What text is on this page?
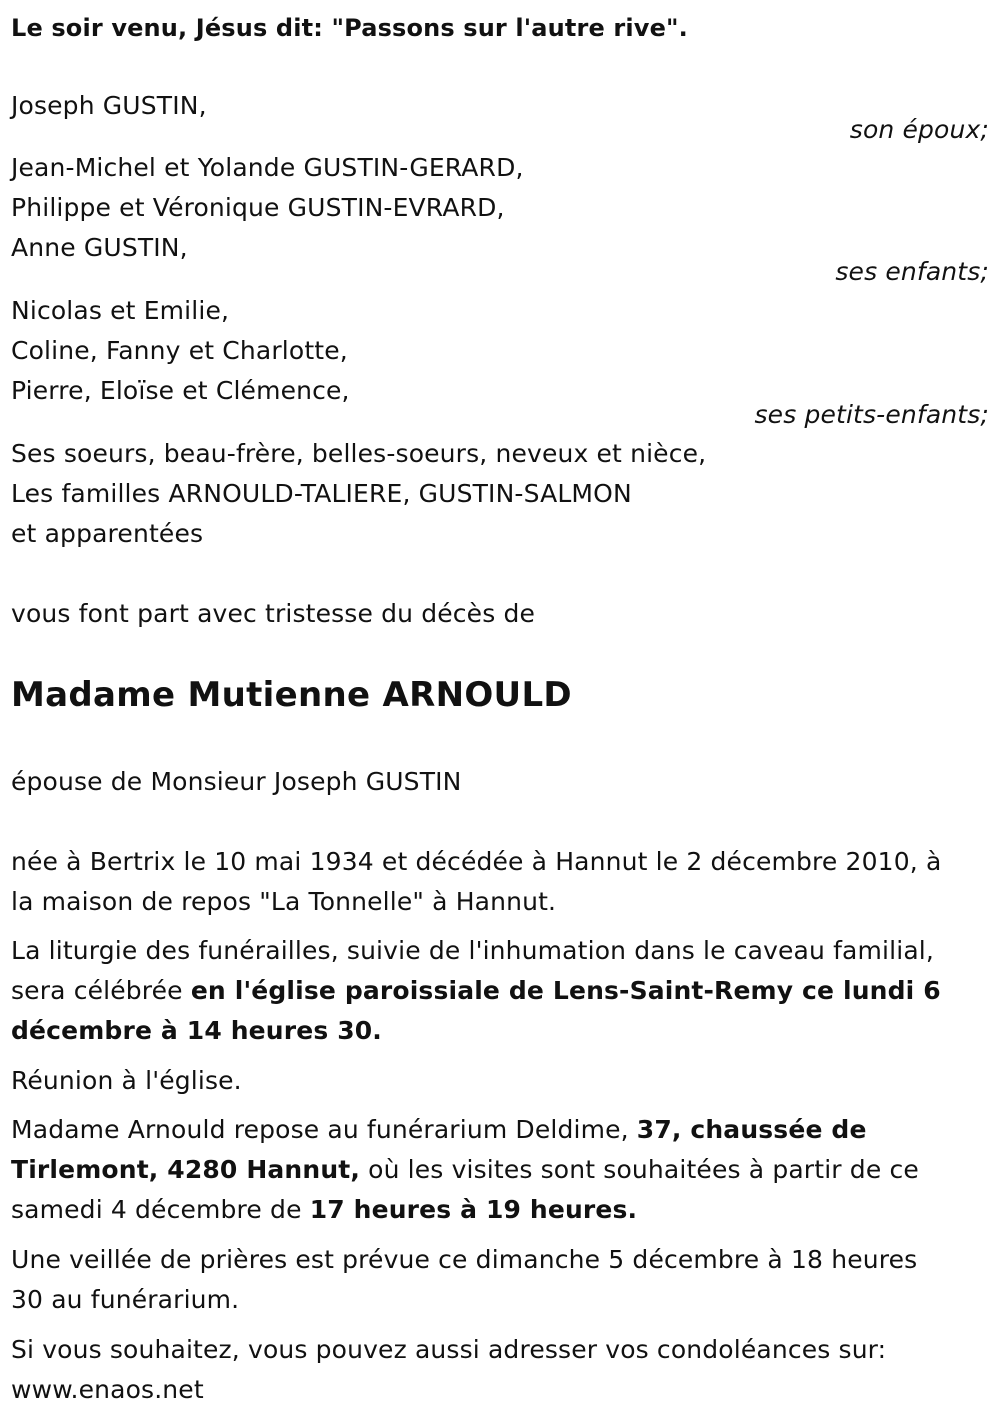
Le soir venu, Jésus dit: "Passons sur l'autre rive".
Joseph GUSTIN,
son époux;
Jean-Michel et Yolande GUSTIN-GERARD,
Philippe et Véronique GUSTIN-EVRARD,
Anne GUSTIN,
ses enfants;
Nicolas et Emilie,
Coline, Fanny et Charlotte,
Pierre, Eloïse et Clémence,
ses petits-enfants;
Ses soeurs, beau-frère, belles-soeurs, neveux et nièce,
Les familles ARNOULD-TALIERE, GUSTIN-SALMON
et apparentées
vous font part avec tristesse du décès de
Madame Mutienne ARNOULD
épouse de Monsieur Joseph GUSTIN
née à Bertrix le 10 mai 1934 et décédée à Hannut le 2 décembre 2010, à
la maison de repos "La Tonnelle" à Hannut.
La liturgie des funérailles, suivie de l'inhumation dans le caveau familial,
sera célébrée en l'église paroissiale de Lens-Saint-Remy ce lundi 6
décembre à 14 heures 30.
Réunion à l'église.
Madame Arnould repose au funérarium Deldime, 37, chaussée de
Tirlemont, 4280 Hannut, où les visites sont souhaitées à partir de ce
samedi 4 décembre de 17 heures à 19 heures.
Une veillée de prières est prévue ce dimanche 5 décembre à 18 heures
30 au funérarium.
Si vous souhaitez, vous pouvez aussi adresser vos condoléances sur:
www.enaos.net
